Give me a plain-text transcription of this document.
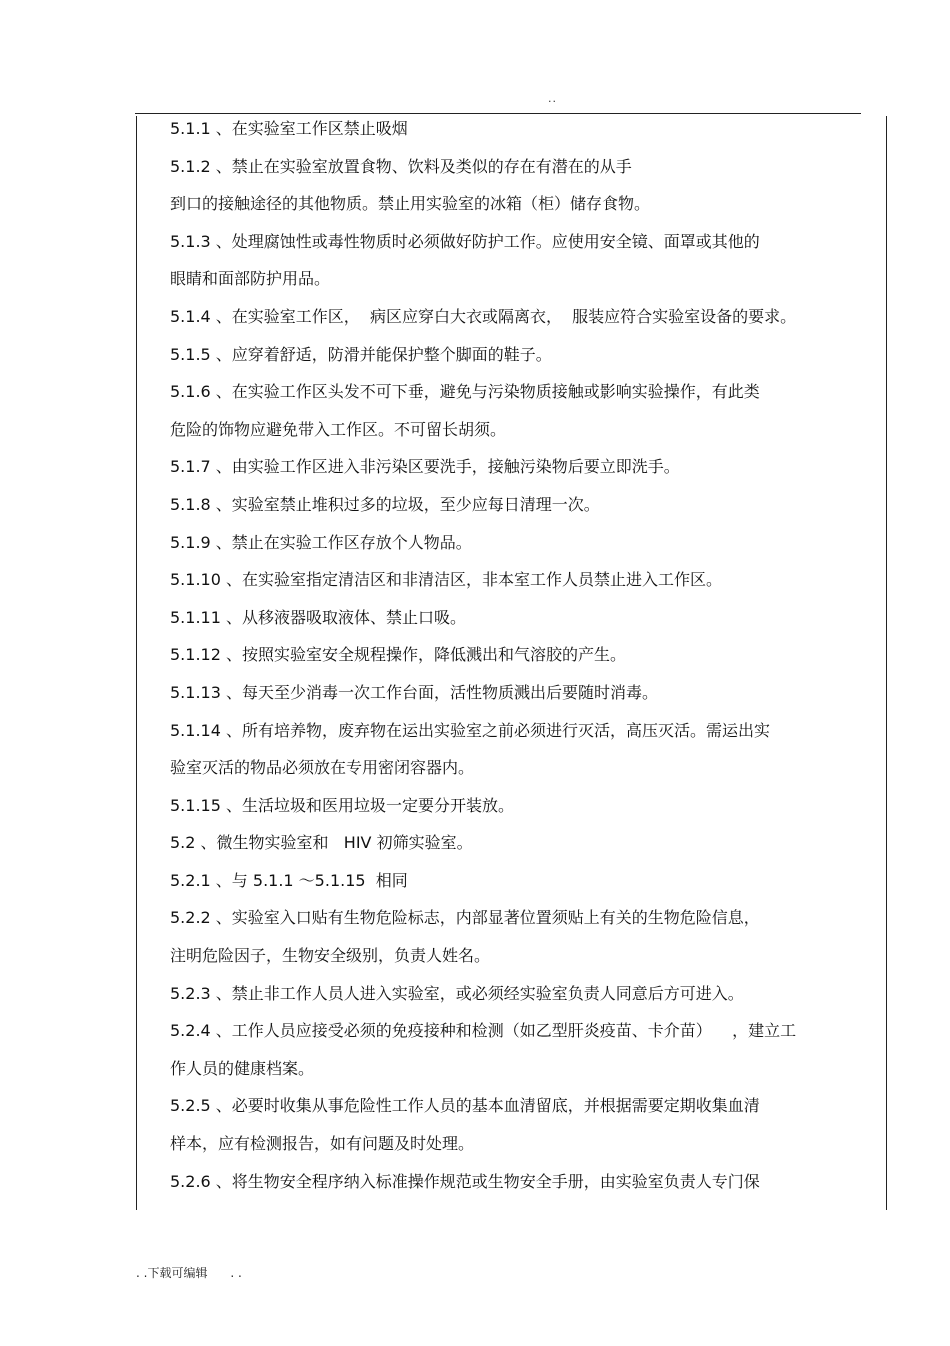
..
5.1.1 、在实验室工作区禁止吸烟
5.1.2 、禁止在实验室放置食物、饮料及类似的存在有潜在的从手
到口的接触途径的其他物质。禁止用实验室的冰箱（柜）储存食物。
5.1.3 、处理腐蚀性或毒性物质时必须做好防护工作。应使用安全镜、面罩或其他的
眼睛和面部防护用品。
5.1.4 、在实验室工作区，  病区应穿白大衣或隔离衣，  服装应符合实验室设备的要求。
5.1.5 、应穿着舒适，防滑并能保护整个脚面的鞋子。
5.1.6 、在实验工作区头发不可下垂，避免与污染物质接触或影响实验操作，有此类
危险的饰物应避免带入工作区。不可留长胡须。
5.1.7 、由实验工作区进入非污染区要洗手，接触污染物后要立即洗手。
5.1.8 、实验室禁止堆积过多的垃圾，至少应每日清理一次。
5.1.9 、禁止在实验工作区存放个人物品。
5.1.10 、在实验室指定清洁区和非清洁区，非本室工作人员禁止进入工作区。
5.1.11 、从移液器吸取液体、禁止口吸。
5.1.12 、按照实验室安全规程操作，降低溅出和气溶胶的产生。
5.1.13 、每天至少消毒一次工作台面，活性物质溅出后要随时消毒。
5.1.14 、所有培养物，废弃物在运出实验室之前必须进行灭活，高压灭活。需运出实
验室灭活的物品必须放在专用密闭容器内。
5.1.15 、生活垃圾和医用垃圾一定要分开装放。
5.2 、微生物实验室和   HIV 初筛实验室。
5.2.1 、与 5.1.1 ～5.1.15  相同
5.2.2 、实验室入口贴有生物危险标志，内部显著位置须贴上有关的生物危险信息，
注明危险因子，生物安全级别，负责人姓名。
5.2.3 、禁止非工作人员人进入实验室，或必须经实验室负责人同意后方可进入。
5.2.4 、工作人员应接受必须的免疫接种和检测（如乙型肝炎疫苗、卡介苗）    ，建立工
作人员的健康档案。
5.2.5 、必要时收集从事危险性工作人员的基本血清留底，并根据需要定期收集血清
样本，应有检测报告，如有问题及时处理。
5.2.6 、将生物安全程序纳入标准操作规范或生物安全手册，由实验室负责人专门保
. .下载可编辑      . .
